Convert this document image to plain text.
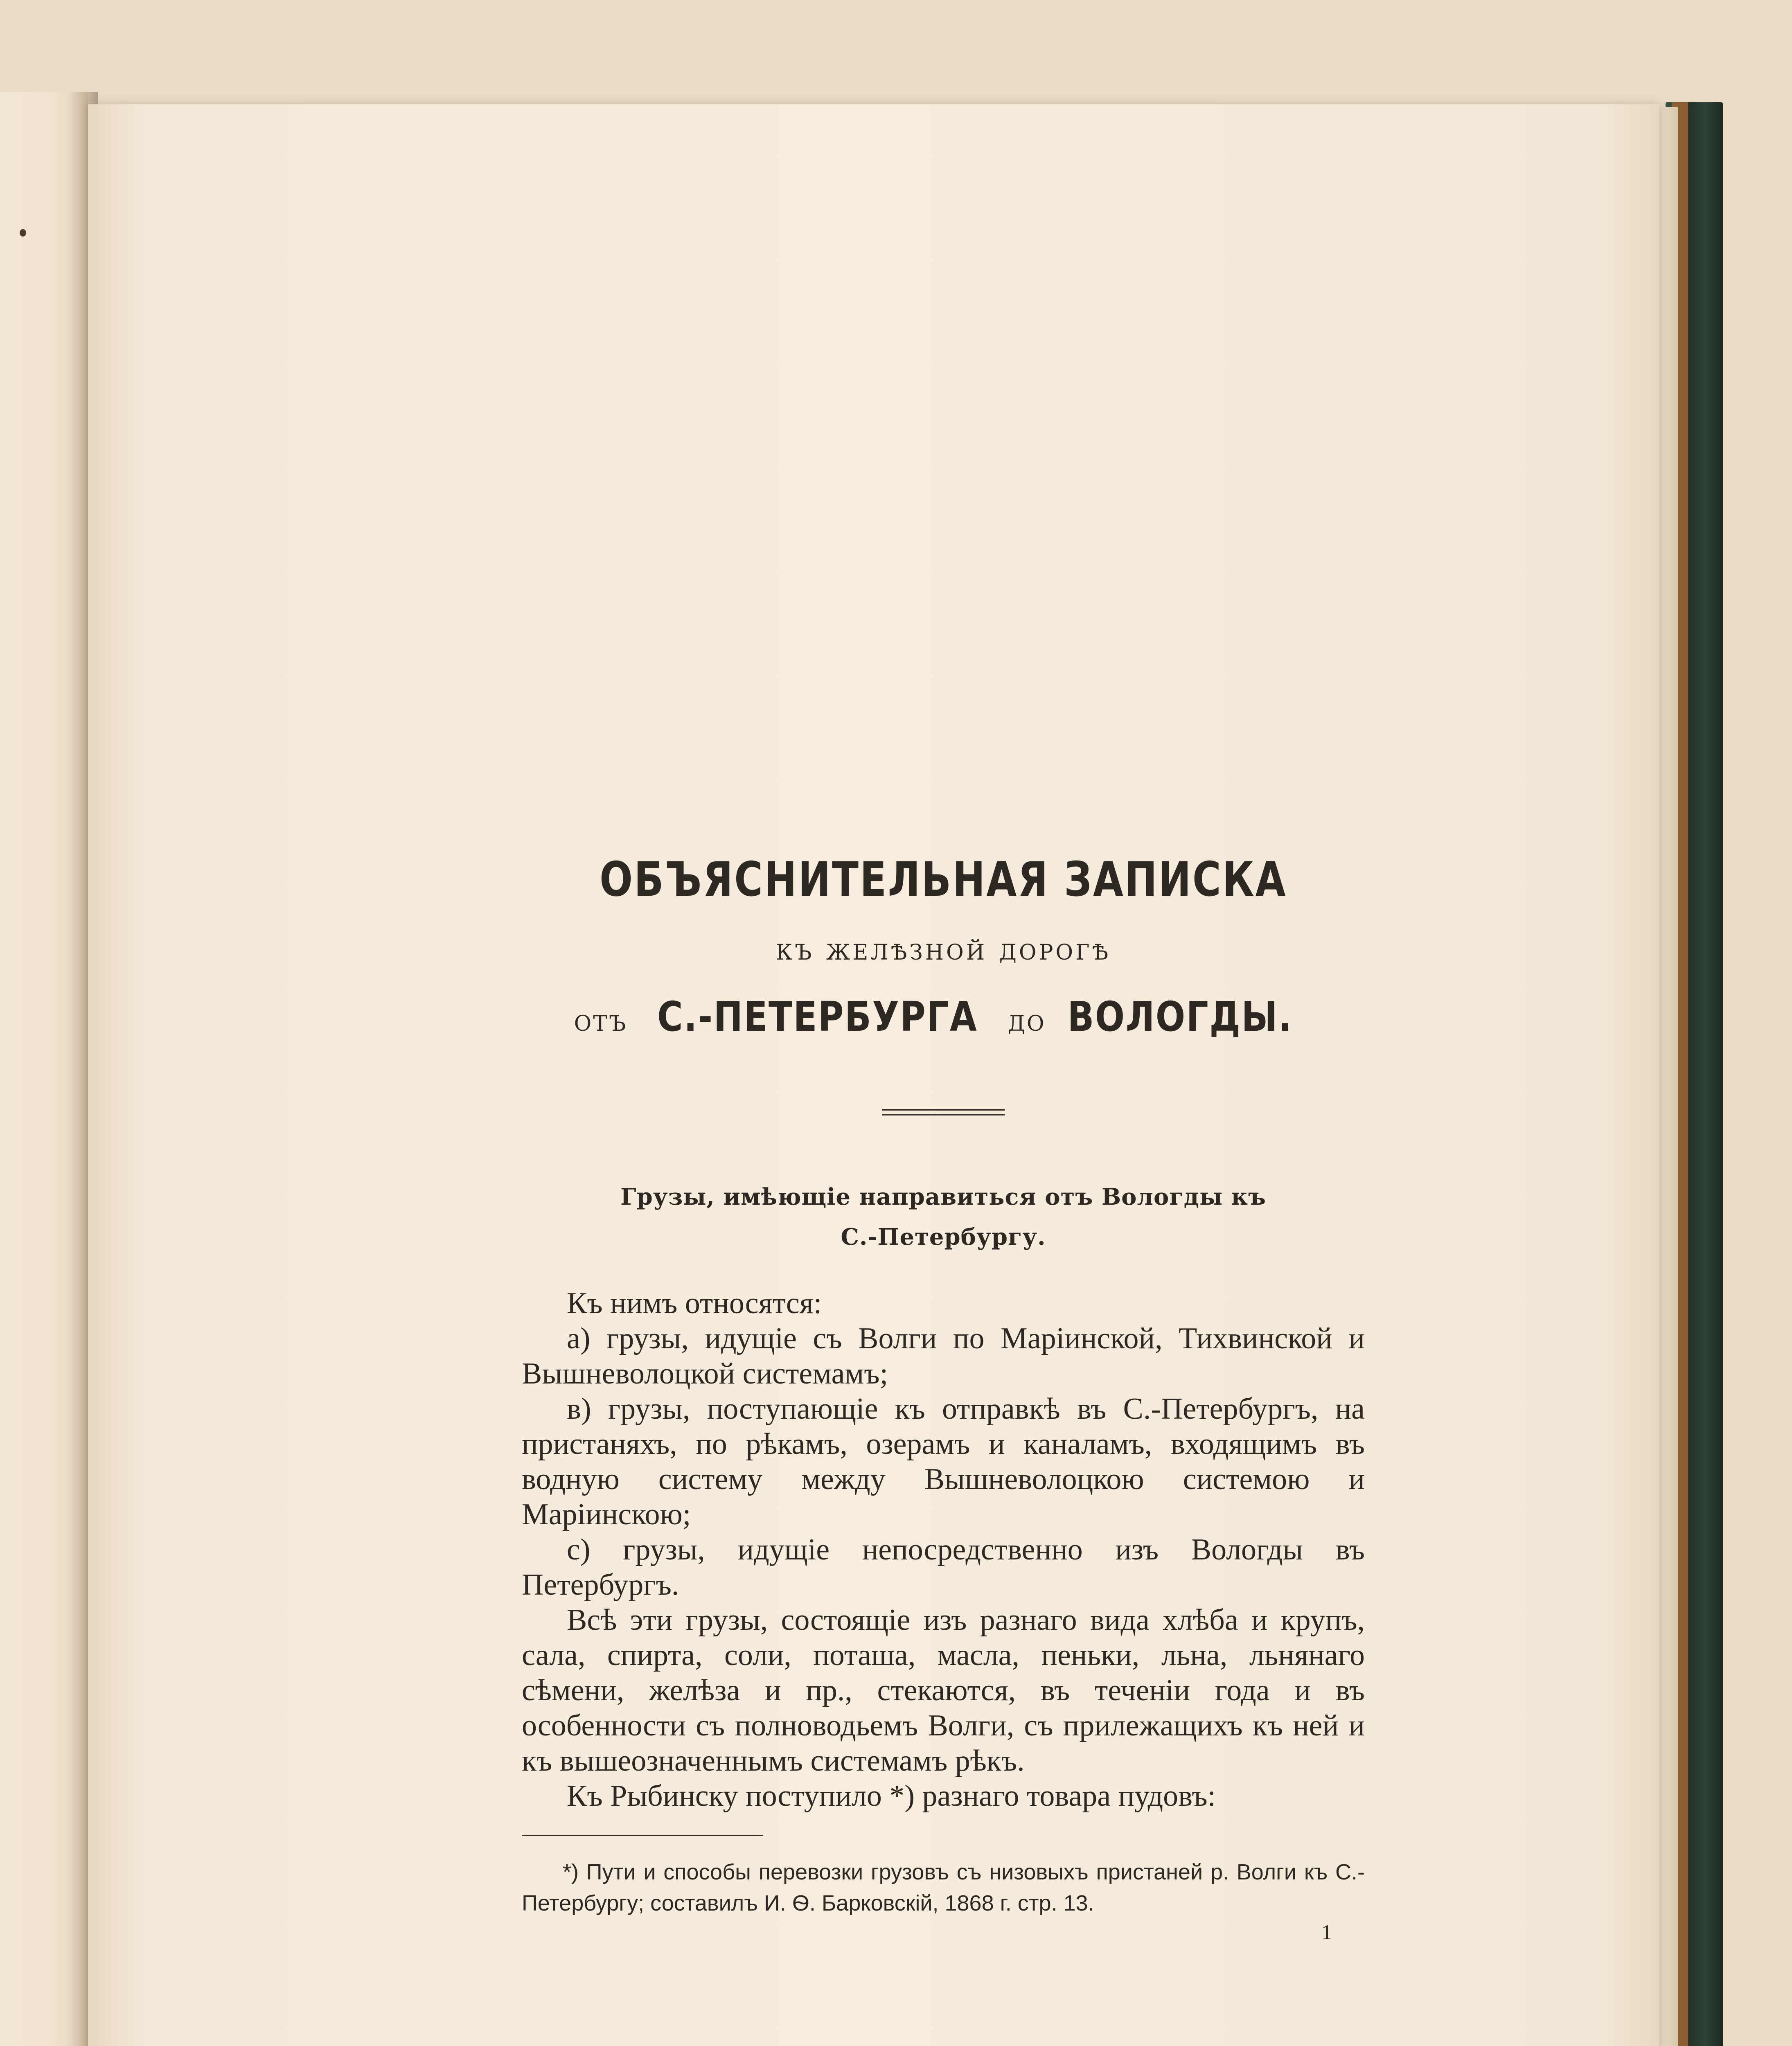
ОБЪЯСНИТЕЛЬНАЯ ЗАПИСКА
къ желѣзной дорогѣ
отъ С.-ПЕТЕРБУРГА до ВОЛОГДЫ.
Грузы, имѣющіе направиться отъ Вологды къ
С.-Петербургу.

Къ нимъ относятся:

а) грузы, идущіе съ Волги по Маріинской, Тихвинской и Вышневолоцкой системамъ;

в) грузы, поступающіе къ отправкѣ въ С.-Петербургъ, на пристаняхъ, по рѣкамъ, озерамъ и каналамъ, входящимъ въ водную систему между Вышневолоцкою системою и Маріинскою;

с) грузы, идущіе непосредственно изъ Вологды въ Петербургъ.

Всѣ эти грузы, состоящіе изъ разнаго вида хлѣба и крупъ, сала, спирта, соли, поташа, масла, пеньки, льна, льнянаго сѣмени, желѣза и пр., стекаются, въ теченіи года и въ особенности съ полноводьемъ Волги, съ прилежащихъ къ ней и къ вышеозначеннымъ системамъ рѣкъ.

Къ Рыбинску поступило *) разнаго товара пудовъ:

*) Пути и способы перевозки грузовъ съ низовыхъ пристаней р. Волги къ С.-Петербургу; составилъ И. Ѳ. Барковскій, 1868 г. стр. 13.
1
